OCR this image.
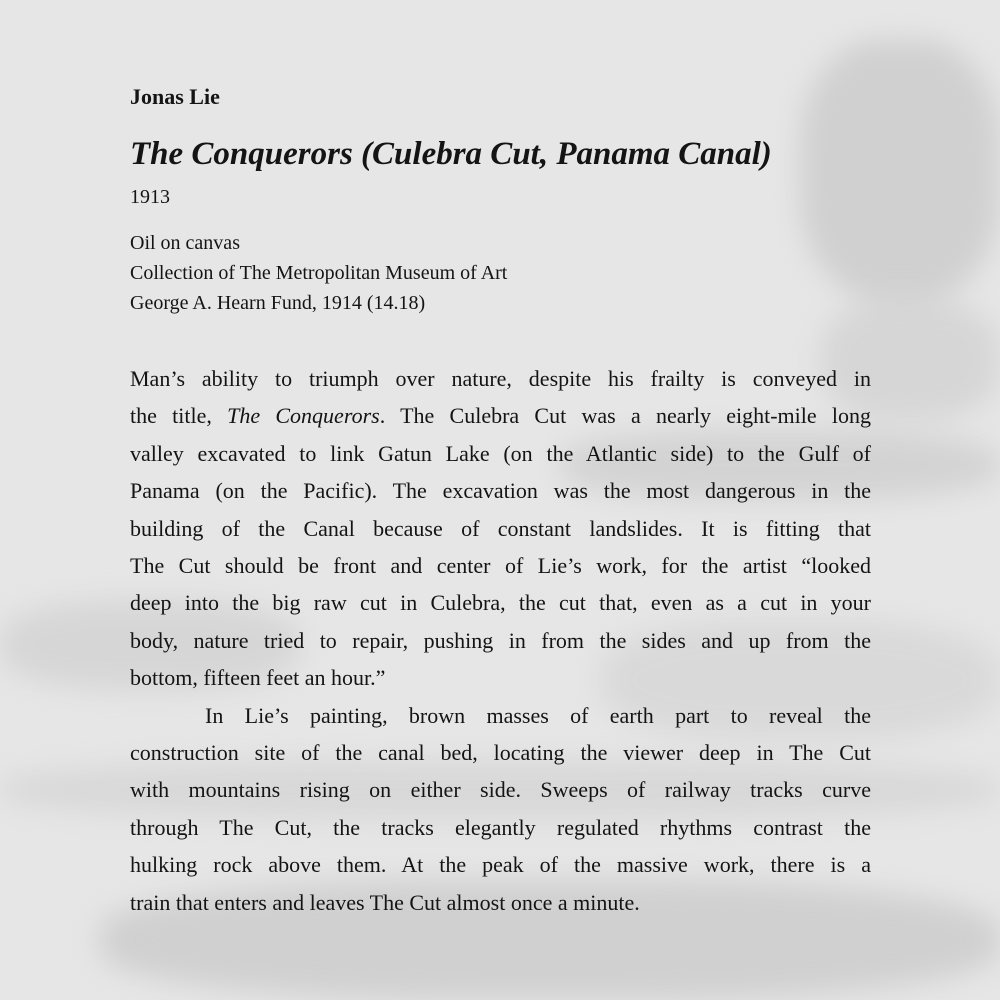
Jonas Lie
The Conquerors (Culebra Cut, Panama Canal)
1913
Oil on canvas
Collection of The Metropolitan Museum of Art
George A. Hearn Fund, 1914 (14.18)
Man’s ability to triumph over nature, despite his frailty is conveyed in
the title, The Conquerors. The Culebra Cut was a nearly eight-mile long
valley excavated to link Gatun Lake (on the Atlantic side) to the Gulf of
Panama (on the Pacific). The excavation was the most dangerous in the
building of the Canal because of constant landslides. It is fitting that
The Cut should be front and center of Lie’s work, for the artist “looked
deep into the big raw cut in Culebra, the cut that, even as a cut in your
body, nature tried to repair, pushing in from the sides and up from the
bottom, fifteen feet an hour.”
In Lie’s painting, brown masses of earth part to reveal the
construction site of the canal bed, locating the viewer deep in The Cut
with mountains rising on either side. Sweeps of railway tracks curve
through The Cut, the tracks elegantly regulated rhythms contrast the
hulking rock above them. At the peak of the massive work, there is a
train that enters and leaves The Cut almost once a minute.
